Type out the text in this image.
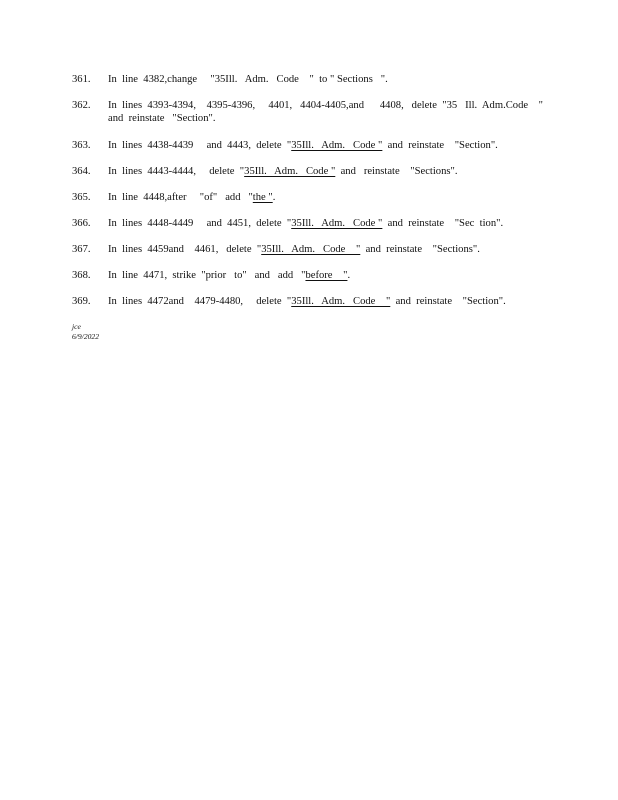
361.	In  line  4382,change     "35Ill.   Adm.   Code    "  to " Sections   ".
362.	In  lines  4393-4394,    4395-4396,     4401,   4404-4405,and      4408,   delete  "35   Ill.  Adm.Code    "
and  reinstate   "Section".
363.	In  lines  4438-4439     and  4443,  delete  "35Ill.   Adm.   Code "  and  reinstate    "Section".
364.	In  lines  4443-4444,     delete  "35Ill.   Adm.   Code "  and   reinstate    "Sections".
365.	In  line  4448,after     "of"   add   "the ".
366.	In  lines  4448-4449     and  4451,  delete  "35Ill.   Adm.   Code "  and  reinstate    "Sec  tion".
367.	In  lines  4459and    4461,   delete  "35Ill.   Adm.   Code    "  and  reinstate    "Sections".
368.	In  line  4471,  strike  "prior   to"   and   add   "before    ".
369.	In  lines  4472and    4479-4480,     delete  "35Ill.   Adm.   Code    "  and  reinstate    "Section".
jce
6/9/2022
